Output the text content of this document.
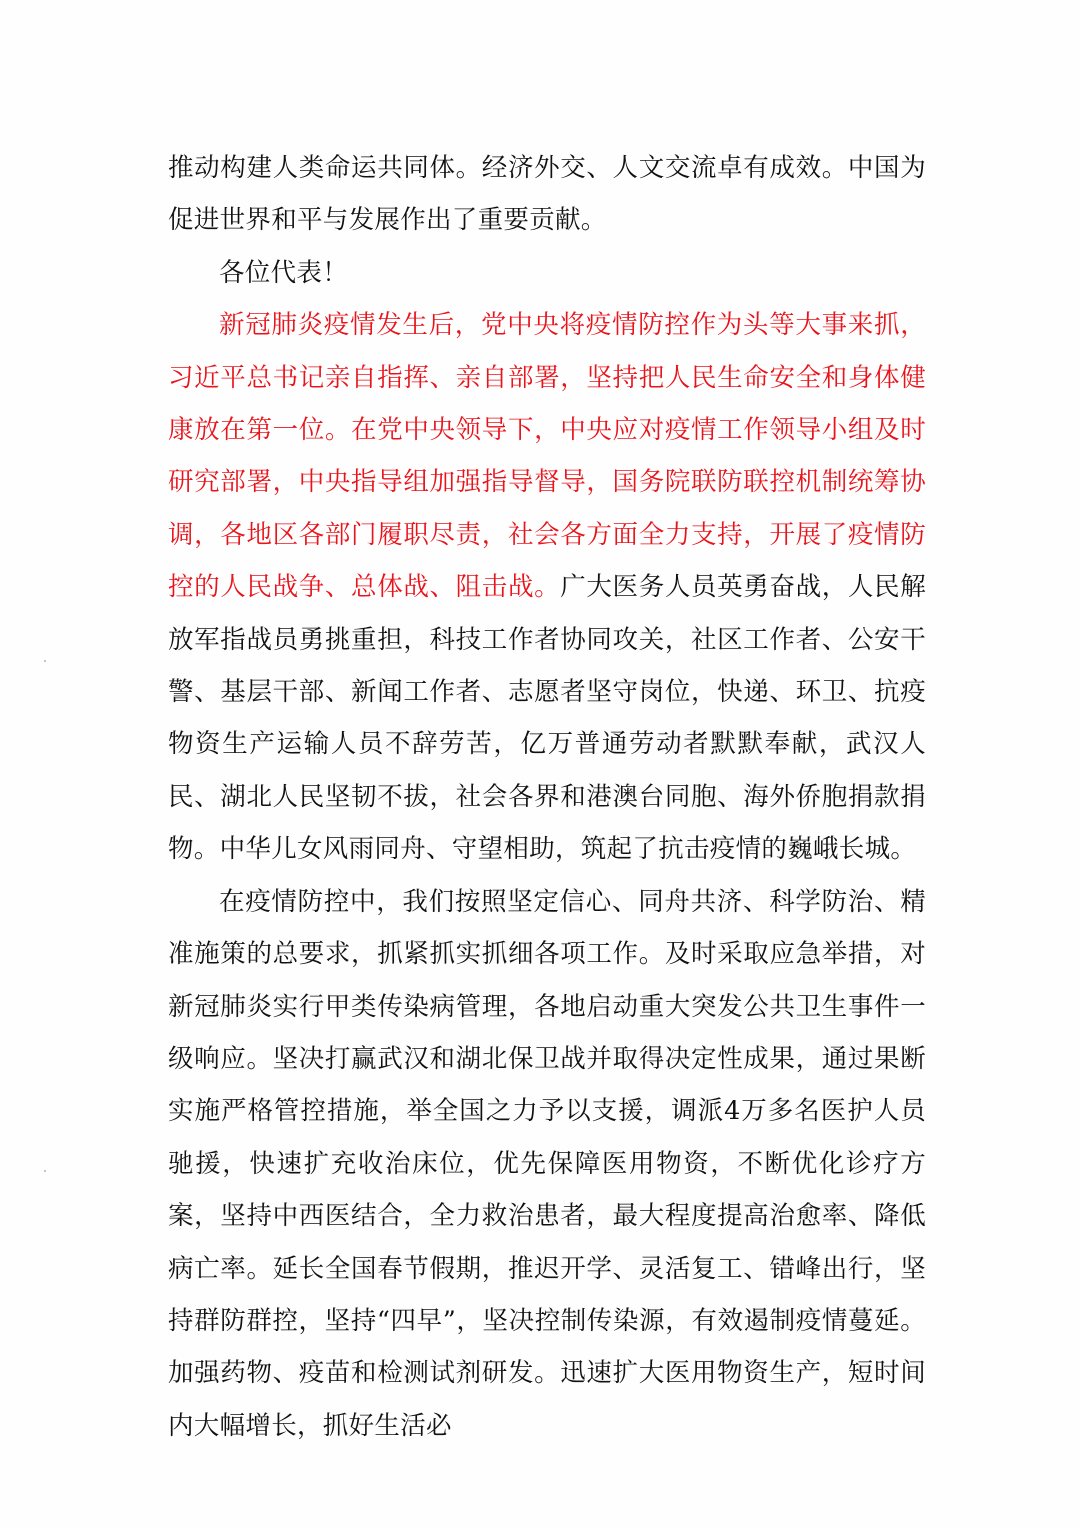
推动构建人类命运共同体。经济外交、人文交流卓有成效。中国为促进世界和平与发展作出了重要贡献。

各位代表！

新冠肺炎疫情发生后，党中央将疫情防控作为头等大事来抓，习近平总书记亲自指挥、亲自部署，坚持把人民生命安全和身体健康放在第一位。在党中央领导下，中央应对疫情工作领导小组及时研究部署，中央指导组加强指导督导，国务院联防联控机制统筹协调，各地区各部门履职尽责，社会各方面全力支持，开展了疫情防控的人民战争、总体战、阻击战。广大医务人员英勇奋战，人民解放军指战员勇挑重担，科技工作者协同攻关，社区工作者、公安干警、基层干部、新闻工作者、志愿者坚守岗位，快递、环卫、抗疫物资生产运输人员不辞劳苦，亿万普通劳动者默默奉献，武汉人民、湖北人民坚韧不拔，社会各界和港澳台同胞、海外侨胞捐款捐物。中华儿女风雨同舟、守望相助，筑起了抗击疫情的巍峨长城。

在疫情防控中，我们按照坚定信心、同舟共济、科学防治、精准施策的总要求，抓紧抓实抓细各项工作。及时采取应急举措，对新冠肺炎实行甲类传染病管理，各地启动重大突发公共卫生事件一级响应。坚决打赢武汉和湖北保卫战并取得决定性成果，通过果断实施严格管控措施，举全国之力予以支援，调派4万多名医护人员驰援，快速扩充收治床位，优先保障医用物资，不断优化诊疗方案，坚持中西医结合，全力救治患者，最大程度提高治愈率、降低病亡率。延长全国春节假期，推迟开学、灵活复工、错峰出行，坚持群防群控，坚持“四早”，坚决控制传染源，有效遏制疫情蔓延。加强药物、疫苗和检测试剂研发。迅速扩大医用物资生产，短时间内大幅增长，抓好生活必
